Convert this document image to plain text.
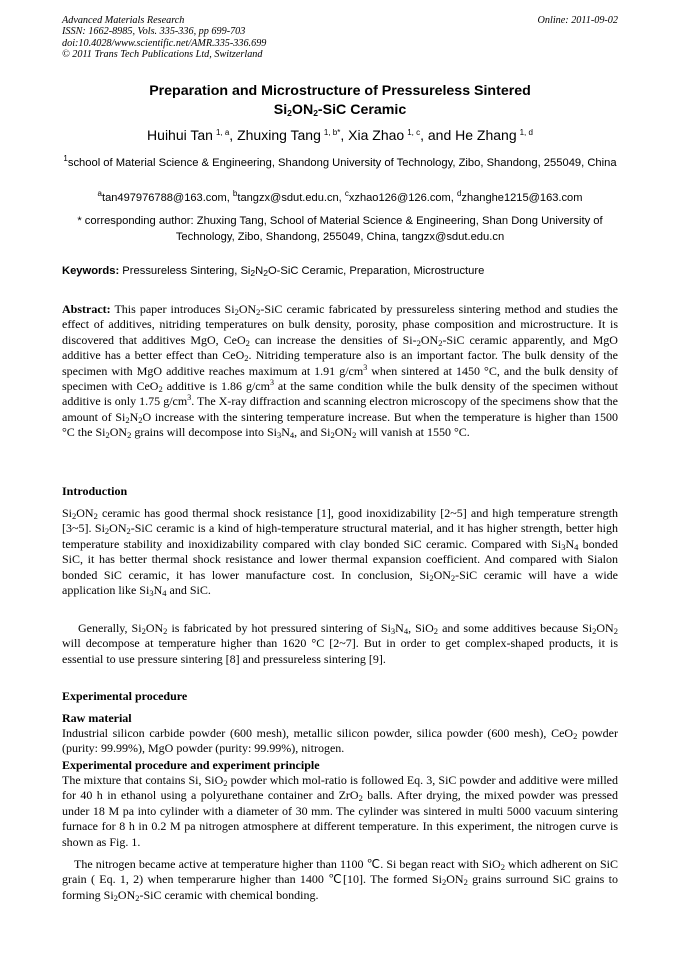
Advanced Materials Research
ISSN: 1662-8985, Vols. 335-336, pp 699-703
doi:10.4028/www.scientific.net/AMR.335-336.699
© 2011 Trans Tech Publications Ltd, Switzerland
Online: 2011-09-02
Preparation and Microstructure of Pressureless Sintered
$Si_2ON_2$-SiC Ceramic
Huihui Tan $^{1, a}$, Zhuxing Tang $^{1, b*}$, Xia Zhao $^{1, c}$, and He Zhang $^{1, d}$
$^1$school of Material Science & Engineering, Shandong University of Technology, Zibo, Shandong, 255049, China
$^a$tan497976788@163.com, $^b$tangzx@sdut.edu.cn, $^c$xzhao126@126.com, $^d$zhanghe1215@163.com
* corresponding author: Zhuxing Tang, School of Material Science & Engineering, Shan Dong University of Technology, Zibo, Shandong, 255049, China, tangzx@sdut.edu.cn
Keywords: Pressureless Sintering, $Si_2N_2O$-SiC Ceramic, Preparation, Microstructure

Abstract: This paper introduces $Si_2ON_2$-SiC ceramic fabricated by pressureless sintering method and studies the effect of additives, nitriding temperatures on bulk density, porosity, phase composition and microstructure. It is discovered that additives MgO, CeO$_2$ can increase the densities of $Si-_2ON_2$-SiC ceramic apparently, and MgO additive has a better effect than CeO$_2$. Nitriding temperature also is an important factor. The bulk density of the specimen with MgO additive reaches maximum at 1.91 $g/cm^3$ when sintered at 1450 °C, and the bulk density of specimen with CeO$_2$ additive is 1.86 $g/cm^3$ at the same condition while the bulk density of the specimen without additive is only 1.75 $g/cm^3$. The X-ray diffraction and scanning electron microscopy of the specimens show that the amount of $Si_2N_2O$ increase with the sintering temperature increase. But when the temperature is higher than 1500 °C the $Si_2ON_2$ grains will decompose into $Si_3N_4$, and $Si_2ON_2$ will vanish at 1550 °C.

Introduction

$Si_2ON_2$ ceramic has good thermal shock resistance [1], good inoxidizability [2~5] and high temperature strength [3~5]. $Si_2ON_2$-SiC ceramic is a kind of high-temperature structural material, and it has higher strength, better high temperature stability and inoxidizability compared with clay bonded SiC ceramic. Compared with $Si_3N_4$ bonded SiC, it has better thermal shock resistance and lower thermal expansion coefficient. And compared with Sialon bonded SiC ceramic, it has lower manufacture cost. In conclusion, $Si_2ON_2$-SiC ceramic will have a wide application like $Si_3N_4$ and SiC.

Generally, $Si_2ON_2$ is fabricated by hot pressured sintering of $Si_3N_4$, SiO$_2$ and some additives because $Si_2ON_2$ will decompose at temperature higher than 1620 °C [2~7]. But in order to get complex-shaped products, it is essential to use pressure sintering [8] and pressureless sintering [9].

Experimental procedure
Raw material

Industrial silicon carbide powder (600 mesh), metallic silicon powder, silica powder (600 mesh), CeO$_2$ powder (purity: 99.99%), MgO powder (purity: 99.99%), nitrogen.

Experimental procedure and experiment principle

The mixture that contains Si, SiO$_2$ powder which mol-ratio is followed Eq. 3, SiC powder and additive were milled for 40 h in ethanol using a polyurethane container and ZrO$_2$ balls. After drying, the mixed powder was pressed under 18 M pa into cylinder with a diameter of 30 mm. The cylinder was sintered in multi 5000 vacuum sintering furnace for 8 h in 0.2 M pa nitrogen atmosphere at different temperature. In this experiment, the nitrogen curve is shown as Fig. 1.

The nitrogen became active at temperature higher than 1100 ℃. Si began react with SiO$_2$ which adherent on SiC grain ( Eq. 1, 2) when temperarure higher than 1400 ℃[10]. The formed $Si_2ON_2$ grains surround SiC grains to forming $Si_2ON_2$-SiC ceramic with chemical bonding.
